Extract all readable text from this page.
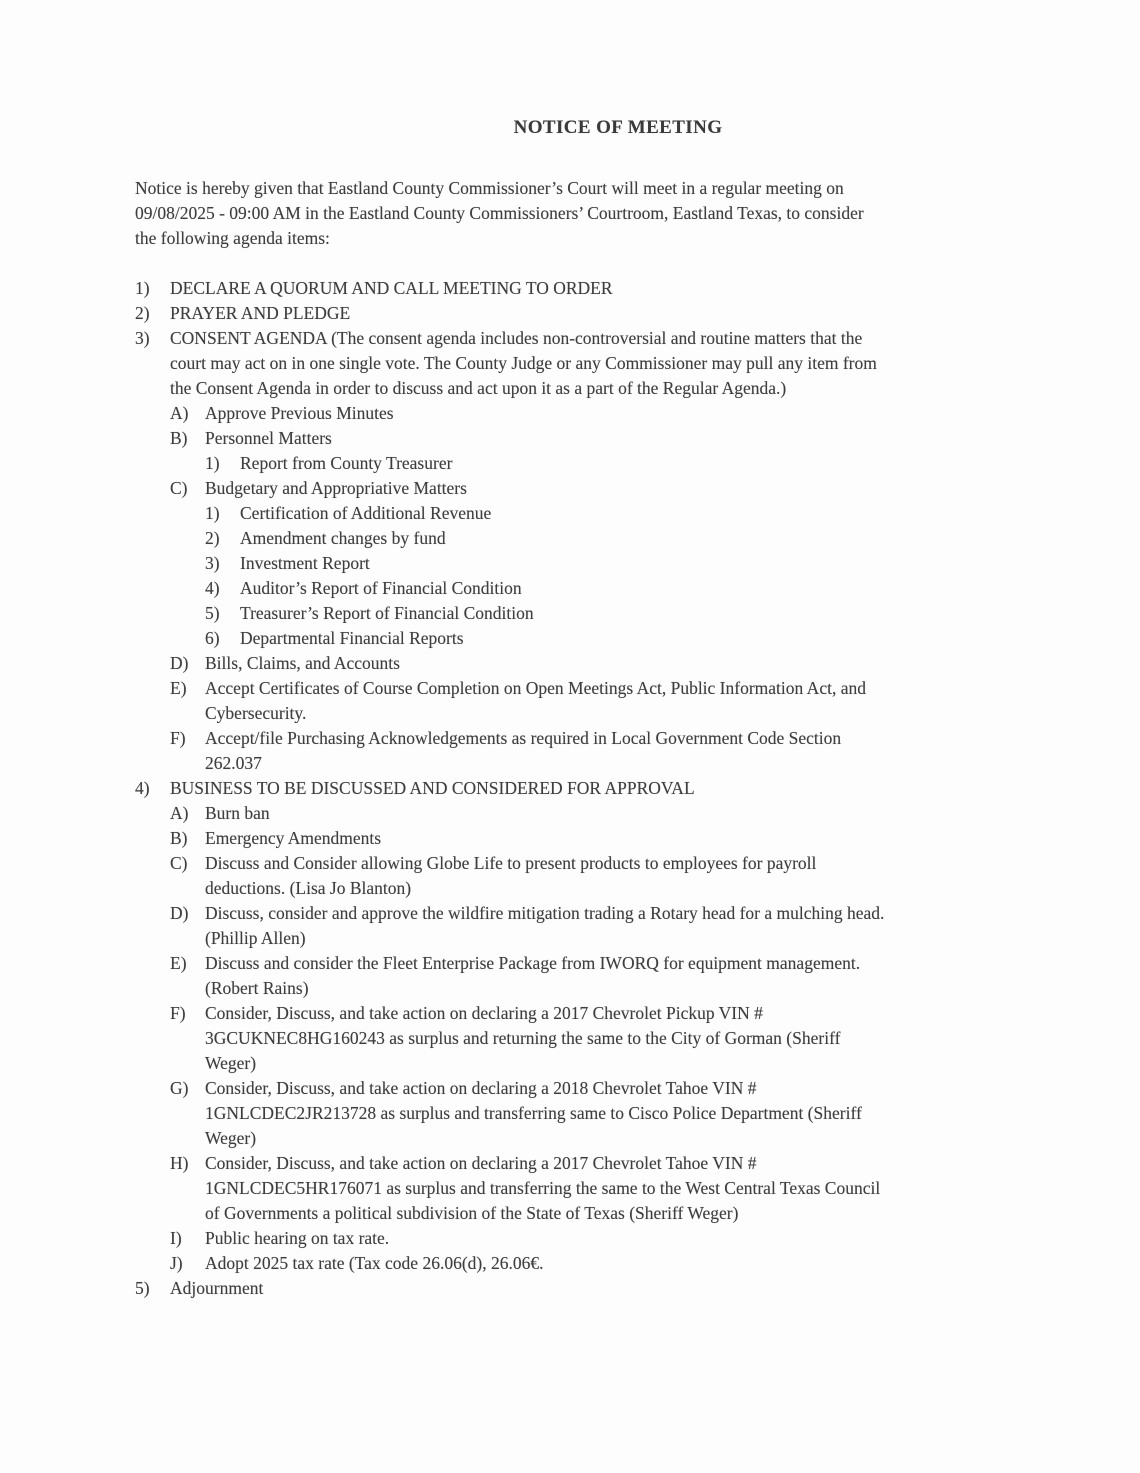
NOTICE OF MEETING
Notice is hereby given that Eastland County Commissioner’s Court will meet in a regular meeting on
09/08/2025 - 09:00 AM in the Eastland County Commissioners’ Courtroom, Eastland Texas, to consider
the following agenda items:
1)	DECLARE A QUORUM AND CALL MEETING TO ORDER
2)	PRAYER AND PLEDGE
3)	CONSENT AGENDA (The consent agenda includes non-controversial and routine matters that the
court may act on in one single vote. The County Judge or any Commissioner may pull any item from
the Consent Agenda in order to discuss and act upon it as a part of the Regular Agenda.)
A) Approve Previous Minutes
B)	Personnel Matters
1)	Report from County Treasurer
C)	Budgetary and Appropriative Matters
1)	Certification of Additional Revenue
2)	Amendment changes by fund
3)	Investment Report
4)	Auditor’s Report of Financial Condition
5)	Treasurer’s Report of Financial Condition
6)	Departmental Financial Reports
D) Bills, Claims, and Accounts
E)	Accept Certificates of Course Completion on Open Meetings Act, Public Information Act, and
Cybersecurity.
F)	Accept/file Purchasing Acknowledgements as required in Local Government Code Section
262.037
4)	BUSINESS TO BE DISCUSSED AND CONSIDERED FOR APPROVAL
A) Burn ban
B)	Emergency Amendments
C)	Discuss and Consider allowing Globe Life to present products to employees for payroll
deductions. (Lisa Jo Blanton)
D) Discuss, consider and approve the wildfire mitigation trading a Rotary head for a mulching head.
(Phillip Allen)
E)	Discuss and consider the Fleet Enterprise Package from IWORQ for equipment management.
(Robert Rains)
F)	Consider, Discuss, and take action on declaring a 2017 Chevrolet Pickup VIN #
3GCUKNEC8HG160243 as surplus and returning the same to the City of Gorman (Sheriff
Weger)
G) Consider, Discuss, and take action on declaring a 2018 Chevrolet Tahoe VIN #
1GNLCDEC2JR213728 as surplus and transferring same to Cisco Police Department (Sheriff
Weger)
H) Consider, Discuss, and take action on declaring a 2017 Chevrolet Tahoe VIN #
1GNLCDEC5HR176071 as surplus and transferring the same to the West Central Texas Council
of Governments a political subdivision of the State of Texas (Sheriff Weger)
I)	Public hearing on tax rate.
J)	Adopt 2025 tax rate (Tax code 26.06(d), 26.06€.
5)	Adjournment
